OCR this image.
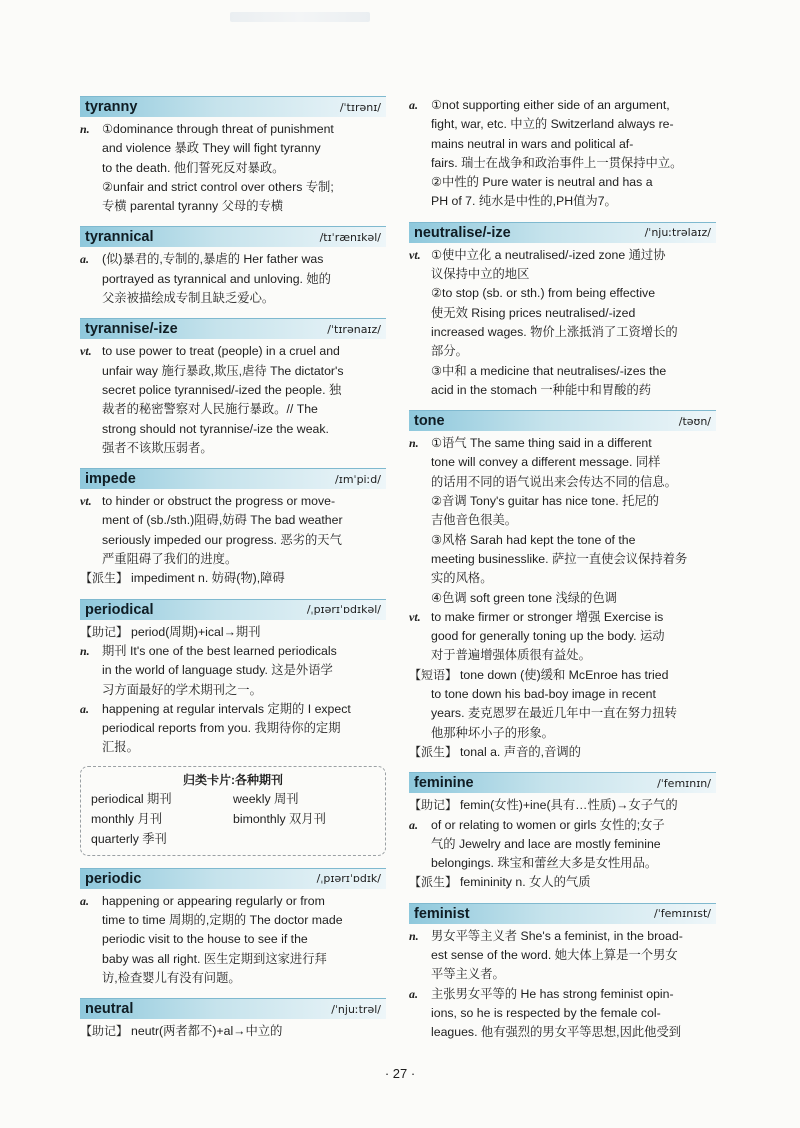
tyranny	/ˈtɪrənɪ/
n.	①dominance through threat of punishment
and violence 暴政 They will fight tyranny
to the death. 他们誓死反对暴政。
②unfair and strict control over others 专制;
专横 parental tyranny 父母的专横
tyrannical	/tɪˈrænɪkəl/
a.	(似)暴君的,专制的,暴虐的 Her father was
portrayed as tyrannical and unloving. 她的
父亲被描绘成专制且缺乏爱心。
tyrannise/-ize	/ˈtɪrənaɪz/
vt. to use power to treat (people) in a cruel and
unfair way 施行暴政,欺压,虐待 The dictator's
secret police tyrannised/-ized the people. 独
裁者的秘密警察对人民施行暴政。// The
strong should not tyrannise/-ize the weak.
强者不该欺压弱者。
impede	/ɪmˈpiːd/
vt. to hinder or obstruct the progress or move-
ment of (sb./sth.)阻碍,妨碍 The bad weather
seriously impeded our progress. 恶劣的天气
严重阻碍了我们的进度。
【派生】 impediment n. 妨碍(物),障碍
periodical	/ˌpɪərɪˈɒdɪkəl/
【助记】 period(周期)+ical→期刊
n.	期刊 It's one of the best learned periodicals
in the world of language study. 这是外语学
习方面最好的学术期刊之一。
a.	happening at regular intervals 定期的 I expect
periodical reports from you. 我期待你的定期
汇报。
归类卡片:各种期刊
periodical 期刊	weekly 周刊
monthly 月刊	bimonthly 双月刊
quarterly 季刊
periodic	/ˌpɪərɪˈɒdɪk/
a.	happening or appearing regularly or from
time to time 周期的,定期的 The doctor made
periodic visit to the house to see if the
baby was all right. 医生定期到这家进行拜
访,检查婴儿有没有问题。
neutral	/ˈnjuːtrəl/
【助记】 neutr(两者都不)+al→中立的
a.	①not supporting either side of an argument,
fight, war, etc. 中立的 Switzerland always re-
mains neutral in wars and political af-
fairs. 瑞士在战争和政治事件上一贯保持中立。
②中性的 Pure water is neutral and has a
PH of 7. 纯水是中性的,PH值为7。
neutralise/-ize	/ˈnjuːtrəlaɪz/
vt. ①使中立化 a neutralised/-ized zone 通过协
议保持中立的地区
②to stop (sb. or sth.) from being effective
使无效 Rising prices neutralised/-ized
increased wages. 物价上涨抵消了工资增长的
部分。
③中和 a medicine that neutralises/-izes the
acid in the stomach 一种能中和胃酸的药
tone	/təʊn/
n.	①语气 The same thing said in a different
tone will convey a different message. 同样
的话用不同的语气说出来会传达不同的信息。
②音调 Tony's guitar has nice tone. 托尼的
吉他音色很美。
③风格 Sarah had kept the tone of the
meeting businesslike. 萨拉一直使会议保持着务
实的风格。
④色调 soft green tone 浅绿的色调
vt. to make firmer or stronger 增强 Exercise is
good for generally toning up the body. 运动
对于普遍增强体质很有益处。
【短语】 tone down (使)缓和 McEnroe has tried
to tone down his bad-boy image in recent
years. 麦克恩罗在最近几年中一直在努力扭转
他那种坏小子的形象。
【派生】 tonal a. 声音的,音调的
feminine	/ˈfemɪnɪn/
【助记】 femin(女性)+ine(具有…性质)→女子气的
a.	of or relating to women or girls 女性的;女子
气的 Jewelry and lace are mostly feminine
belongings. 珠宝和蕾丝大多是女性用品。
【派生】 femininity n. 女人的气质
feminist	/ˈfemɪnɪst/
n.	男女平等主义者 She's a feminist, in the broad-
est sense of the word. 她大体上算是一个男女
平等主义者。
a.	主张男女平等的 He has strong feminist opin-
ions, so he is respected by the female col-
leagues. 他有强烈的男女平等思想,因此他受到
· 27 ·
